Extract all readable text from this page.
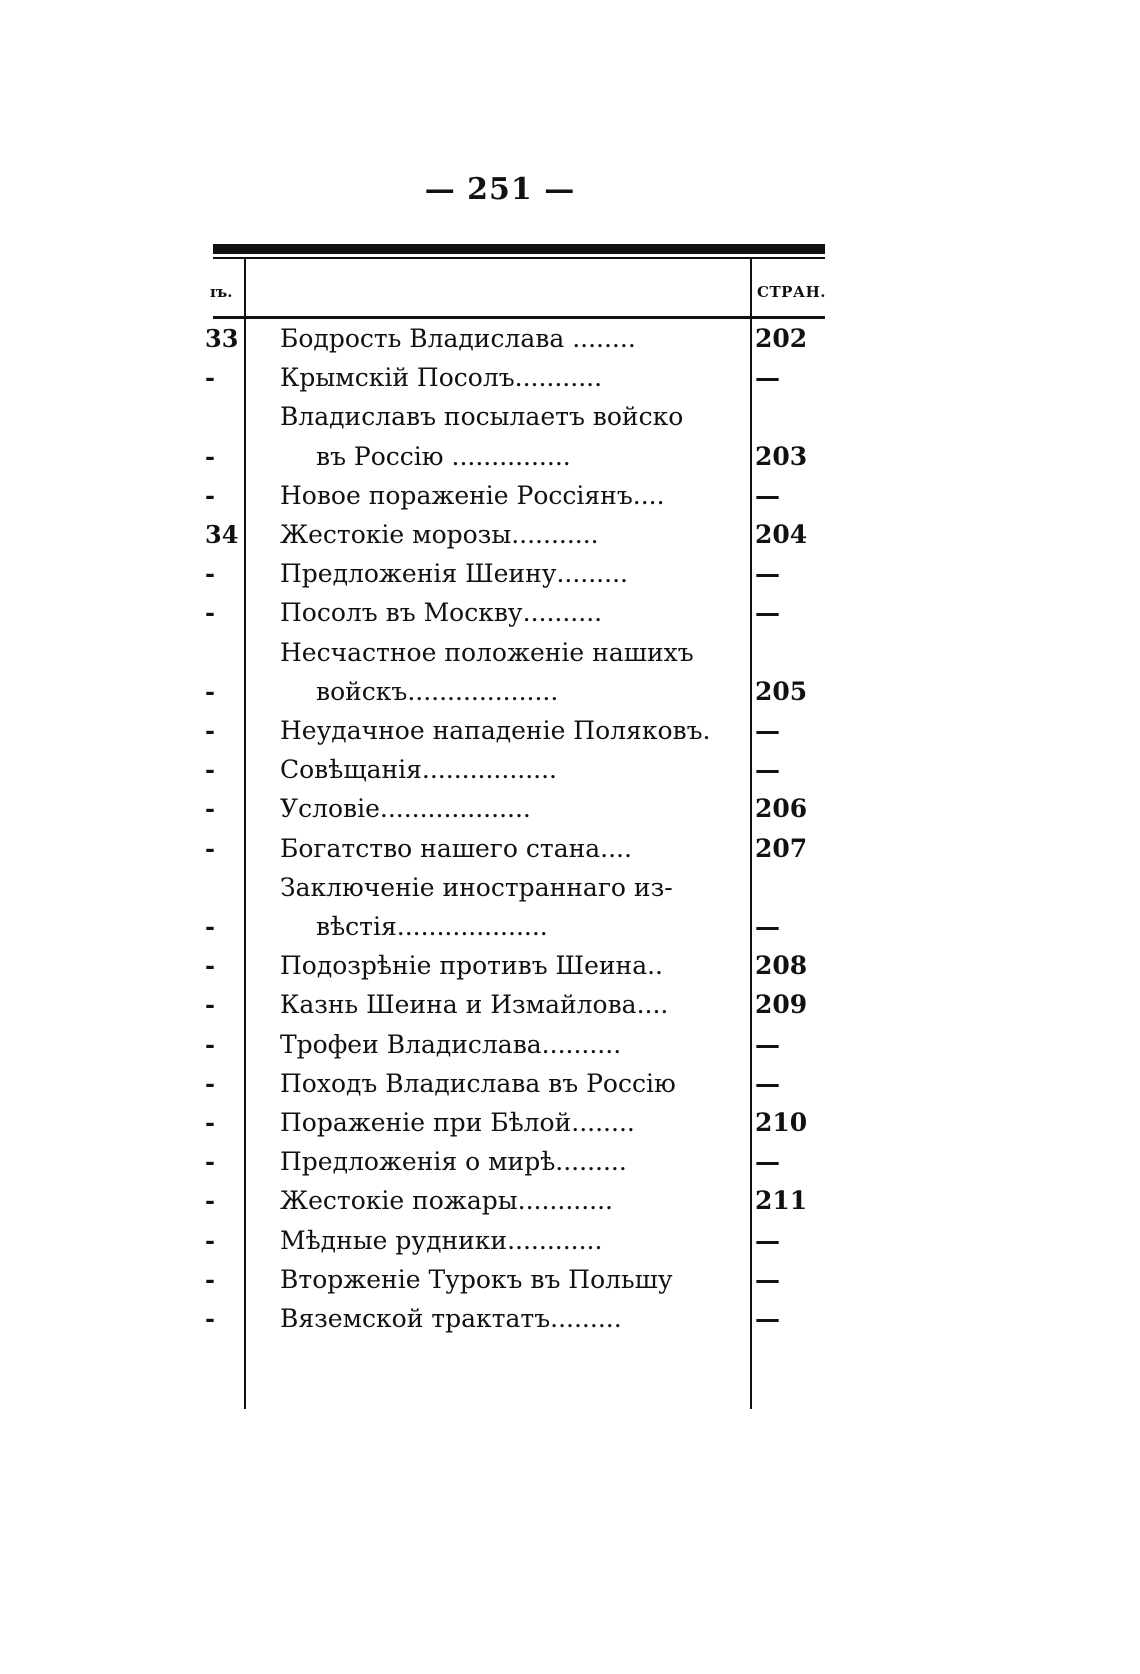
— 251 —
ɪъ.	СТРАН.
33 Бодрость Владислава ........	202
-	Крымскій Посолъ...........	—
Владиславъ посылаетъ войско
-	въ Россію ...............	203
-	Новое пораженіе Россіянъ....	—
34 Жестокіе морозы...........	204
-	Предложенія Шеину.........	—
-	Посолъ въ Москву..........	—
Несчастное положеніе нашихъ
-	войскъ...................	205
-	Неудачное нападеніе Поляковъ.	—
-	Совѣщанія.................	—
-	Условіе...................	206
-	Богатство нашего стана....	207
Заключеніе иностраннаго из-
-	вѣстія...................	—
-	Подозрѣніе противъ Шеина..	208
-	Казнь Шеина и Измайлова....	209
-	Трофеи Владислава..........	—
-	Походъ Владислава въ Россію	—
-	Пораженіе при Бѣлой........	210
-	Предложенія о мирѣ.........	—
-	Жестокіе пожары............	211
-	Мѣдные рудники............	—
-	Вторженіе Турокъ въ Польшу	—
-	Вяземской трактатъ.........	—
